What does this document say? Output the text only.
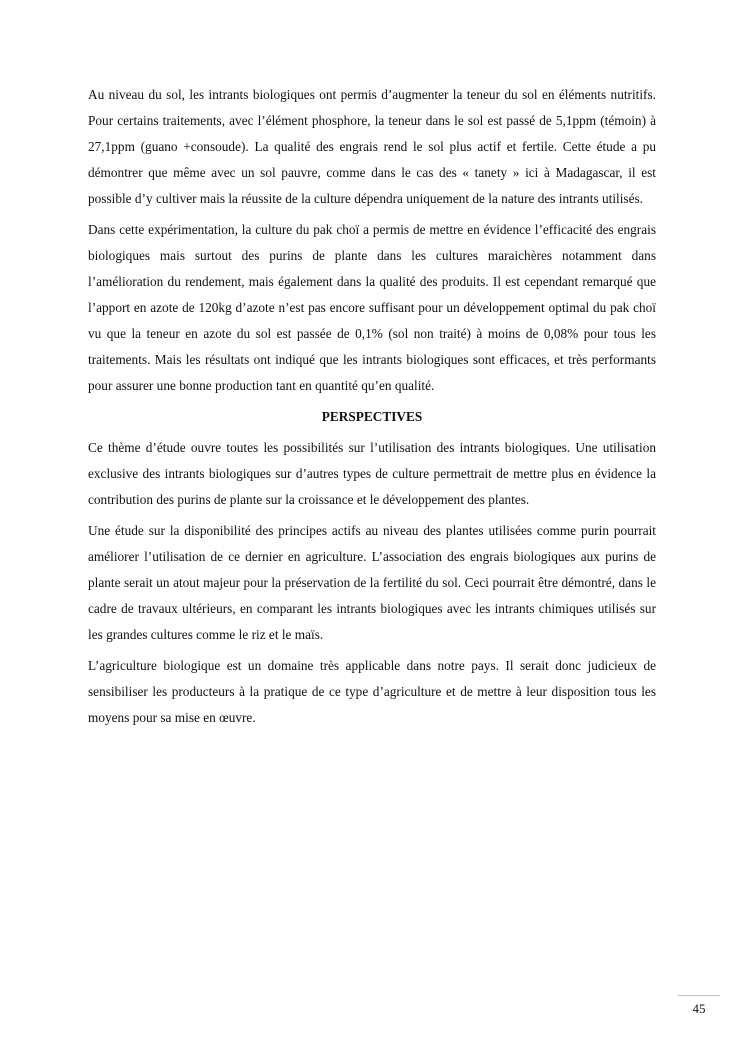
Au niveau du sol, les intrants biologiques ont permis d’augmenter la teneur du sol en éléments nutritifs. Pour certains traitements, avec l’élément phosphore, la teneur dans le sol est passé de 5,1ppm (témoin) à 27,1ppm (guano +consoude). La qualité des engrais rend le sol plus actif et fertile. Cette étude a pu démontrer que même avec un sol pauvre, comme dans le cas des « tanety » ici à Madagascar, il est possible d’y cultiver mais la réussite de la culture dépendra uniquement de la nature des intrants utilisés.

Dans cette expérimentation, la culture du pak choï a permis de mettre en évidence l’efficacité des engrais biologiques mais surtout des purins de plante dans les cultures maraichères notamment dans l’amélioration du rendement, mais également dans la qualité des produits. Il est cependant remarqué que l’apport en azote de 120kg d’azote n’est pas encore suffisant pour un développement optimal du pak choï vu que la teneur en azote du sol est passée de 0,1% (sol non traité) à moins de 0,08% pour tous les traitements. Mais les résultats ont indiqué que les intrants biologiques sont efficaces, et très performants pour assurer une bonne production tant en quantité qu’en qualité.

PERSPECTIVES

Ce thème d’étude ouvre toutes les possibilités sur l’utilisation des intrants biologiques. Une utilisation exclusive des intrants biologiques sur d’autres types de culture permettrait de mettre plus en évidence la contribution des purins de plante sur la croissance et le développement des plantes.

Une étude sur la disponibilité des principes actifs au niveau des plantes utilisées comme purin pourrait améliorer l’utilisation de ce dernier en agriculture. L’association des engrais biologiques aux purins de plante serait un atout majeur pour la préservation de la fertilité du sol. Ceci pourrait être démontré, dans le cadre de travaux ultérieurs, en comparant les intrants biologiques avec les intrants chimiques utilisés sur les grandes cultures comme le riz et le maïs.

L’agriculture biologique est un domaine très applicable dans notre pays. Il serait donc judicieux de sensibiliser les producteurs à la pratique de ce type d’agriculture et de mettre à leur disposition tous les moyens pour sa mise en œuvre.

45
